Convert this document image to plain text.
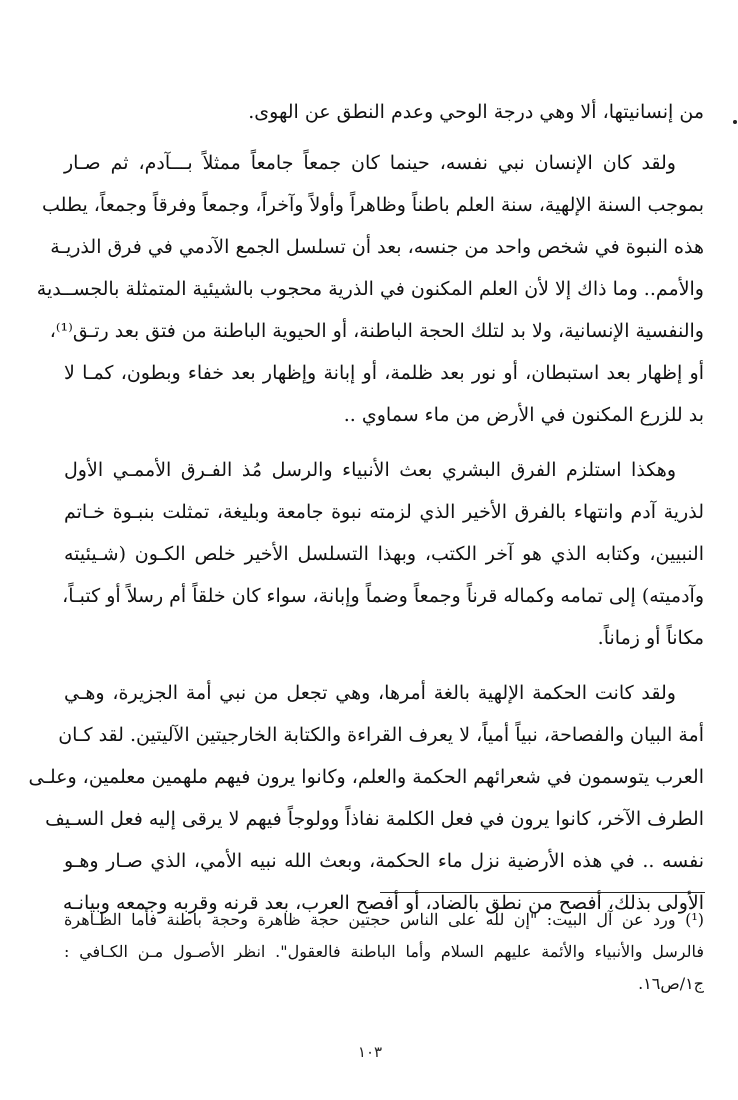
من إنسانيتها، ألا وهي درجة الوحي وعدم النطق عن الهوى.
ولقد كان الإنسان نبي نفسه، حينما كان جمعاً جامعاً ممثلاً بـــآدم، ثم صـار
بموجب السنة الإلهية، سنة العلم باطناً وظاهراً وأولاً وآخراً، وجمعاً وفرقاً وجمعاً، يطلب
هذه النبوة في شخص واحد من جنسه، بعد أن تسلسل الجمع الآدمي في فرق الذريـة
والأمم.. وما ذاك إلا لأن العلم المكنون في الذرية محجوب بالشيئية المتمثلة بالجســدية
والنفسية الإنسانية، ولا بد لتلك الحجة الباطنة، أو الحيوية الباطنة من فتق بعد رتـق⁽¹⁾،
أو إظهار بعد استبطان، أو نور بعد ظلمة، أو إبانة وإظهار بعد خفاء وبطون، كمـا لا
بد للزرع المكنون في الأرض من ماء سماوي ..
وهكذا استلزم الفرق البشري بعث الأنبياء والرسل مُذ الفـرق الأممـي الأول
لذرية آدم وانتهاء بالفرق الأخير الذي لزمته نبوة جامعة وبليغة، تمثلت بنبـوة خـاتم
النبيين، وكتابه الذي هو آخر الكتب، وبهذا التسلسل الأخير خلص الكـون (شـيئيته
وآدميته) إلى تمامه وكماله قرناً وجمعاً وضماً وإبانة، سواء كان خلقاً أم رسلاً أو كتبـاً،
مكاناً أو زماناً.
ولقد كانت الحكمة الإلهية بالغة أمرها، وهي تجعل من نبي أمة الجزيرة، وهـي
أمة البيان والفصاحة، نبياً أمياً، لا يعرف القراءة والكتابة الخارجيتين الآليتين. لقد كـان
العرب يتوسمون في شعرائهم الحكمة والعلم، وكانوا يرون فيهم ملهمين معلمين، وعلـى
الطرف الآخر، كانوا يرون في فعل الكلمة نفاذاً وولوجاً فيهم لا يرقى إليه فعل السـيف
نفسه .. في هذه الأرضية نزل ماء الحكمة، وبعث الله نبيه الأمي، الذي صـار وهـو
الأولى بذلك، أفصح من نطق بالضاد، أو أفصح العرب، بعد قرنه وقربه وجمعه وبيانـه
(¹) ورد عن آل البيت: "إن لله على الناس حجتين حجة ظاهرة وحجة باطنة فأما الظـاهرة
فالرسل والأنبياء والأئمة عليهم السلام وأما الباطنة فالعقول". انظر الأصـول مـن الكـافي :
ج١/ص١٦.
١٠٣
